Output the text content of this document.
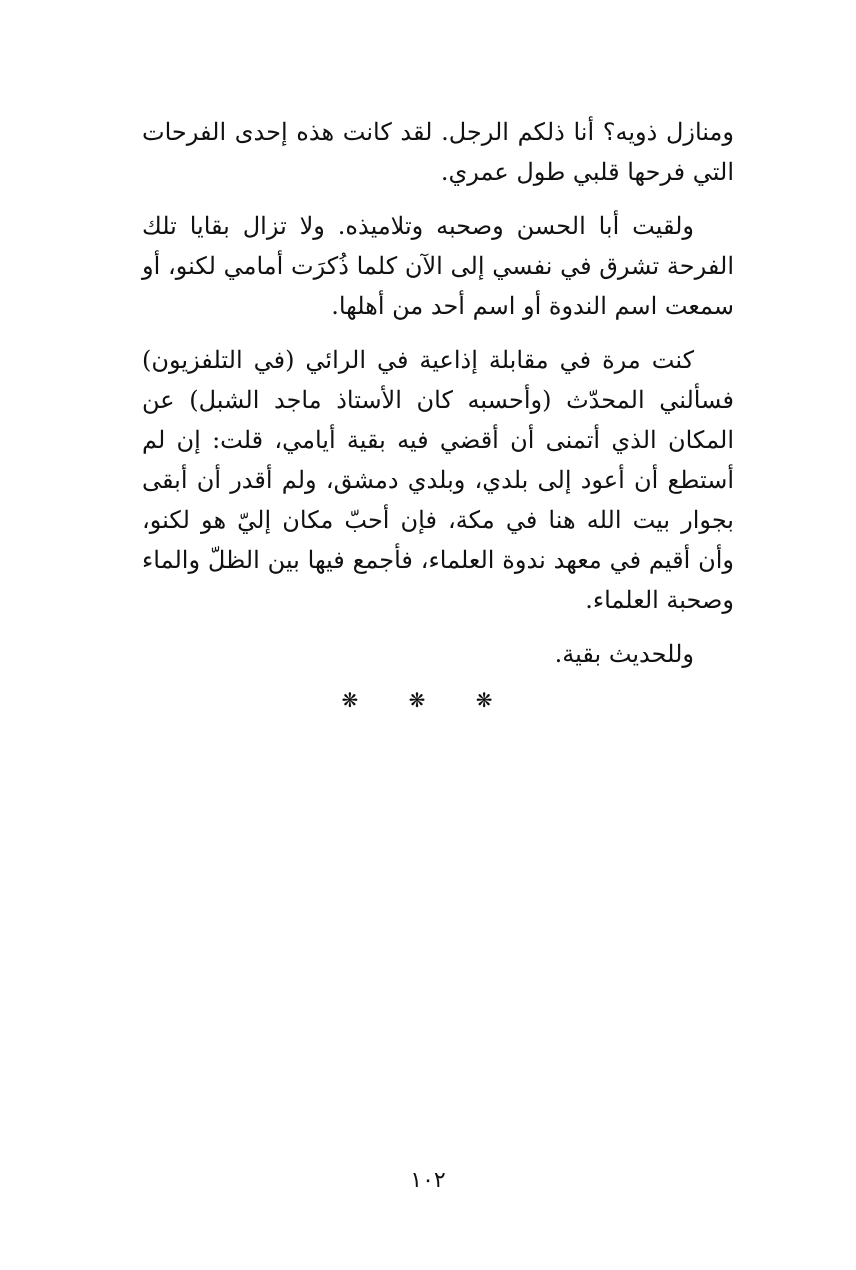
ومنازل ذويه؟ أنا ذلكم الرجل. لقد كانت هذه إحدى الفرحات التي فرحها قلبي طول عمري.

ولقيت أبا الحسن وصحبه وتلاميذه. ولا تزال بقايا تلك الفرحة تشرق في نفسي إلى الآن كلما ذُكرَت أمامي لكنو، أو سمعت اسم الندوة أو اسم أحد من أهلها.

كنت مرة في مقابلة إذاعية في الرائي (في التلفزيون) فسألني المحدّث (وأحسبه كان الأستاذ ماجد الشبل) عن المكان الذي أتمنى أن أقضي فيه بقية أيامي، قلت: إن لم أستطع أن أعود إلى بلدي، وبلدي دمشق، ولم أقدر أن أبقى بجوار بيت الله هنا في مكة، فإن أحبّ مكان إليّ هو لكنو، وأن أقيم في معهد ندوة العلماء، فأجمع فيها بين الظلّ والماء وصحبة العلماء.

وللحديث بقية.

❋ ❋ ❋
١٠٢
